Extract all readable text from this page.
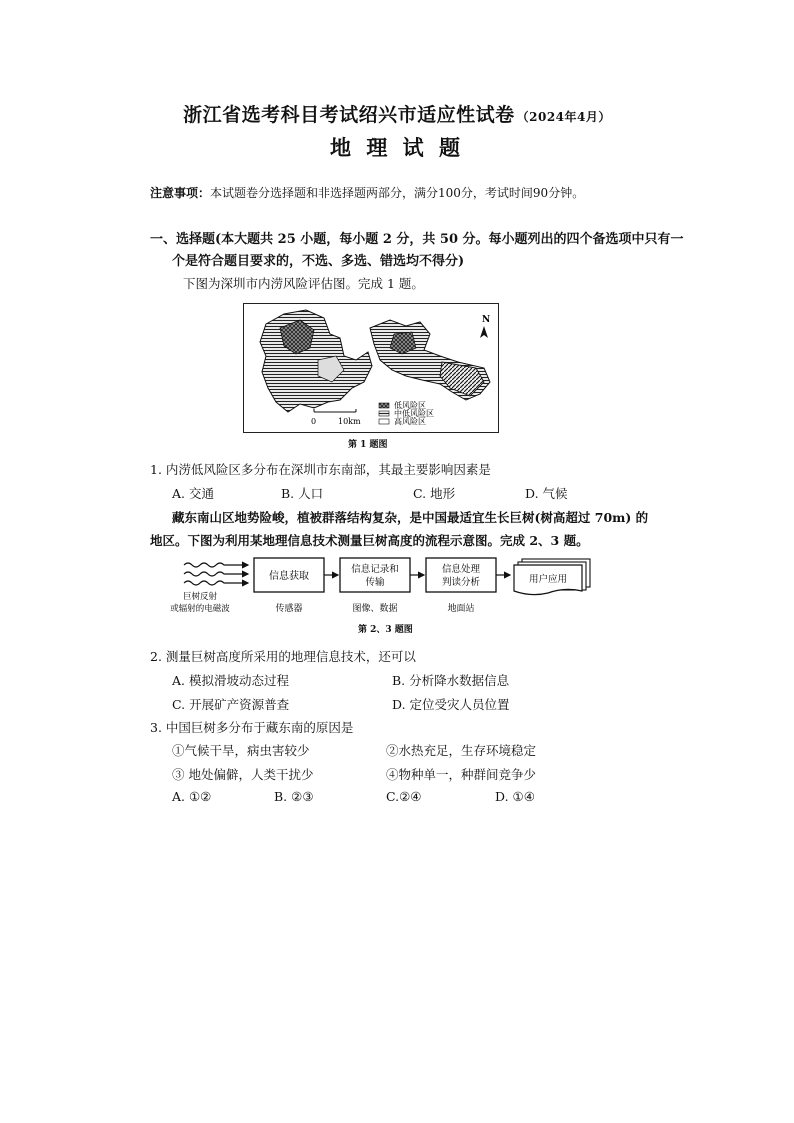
浙江省选考科目考试绍兴市适应性试卷 （2024年4月）
地 理 试 题
注意事项：本试题卷分选择题和非选择题两部分，满分100分，考试时间90分钟。
一、选择题(本大题共 25 小题，每小题 2 分，共 50 分。每小题列出的四个备选项中只有一
个是符合题目要求的，不选、多选、错选均不得分)
下图为深圳市内涝风险评估图。完成 1 题。
N
0	10km
低风险区
中低风险区
高风险区
第 1 题图
1. 内涝低风险区多分布在深圳市东南部，其最主要影响因素是
A. 交通	B. 人口	C. 地形	D. 气候
藏东南山区地势险峻，植被群落结构复杂，是中国最适宜生长巨树(树高超过 70m) 的
地区。下图为利用某地理信息技术测量巨树高度的流程示意图。完成 2、3 题。
信息获取
信息记录和
传输
信息处理
判读分析	用户应用
巨树反射
或辐射的电磁波	传感器	图像、数据	地面站
第 2、3 题图
2. 测量巨树高度所采用的地理信息技术，还可以
A. 模拟滑坡动态过程	B. 分析降水数据信息
C. 开展矿产资源普查	D. 定位受灾人员位置
3. 中国巨树多分布于藏东南的原因是
①气候干旱，病虫害较少	②水热充足，生存环境稳定
③ 地处偏僻，人类干扰少	④物种单一，种群间竞争少
A. ①②	B. ②③	C.②④	D. ①④
